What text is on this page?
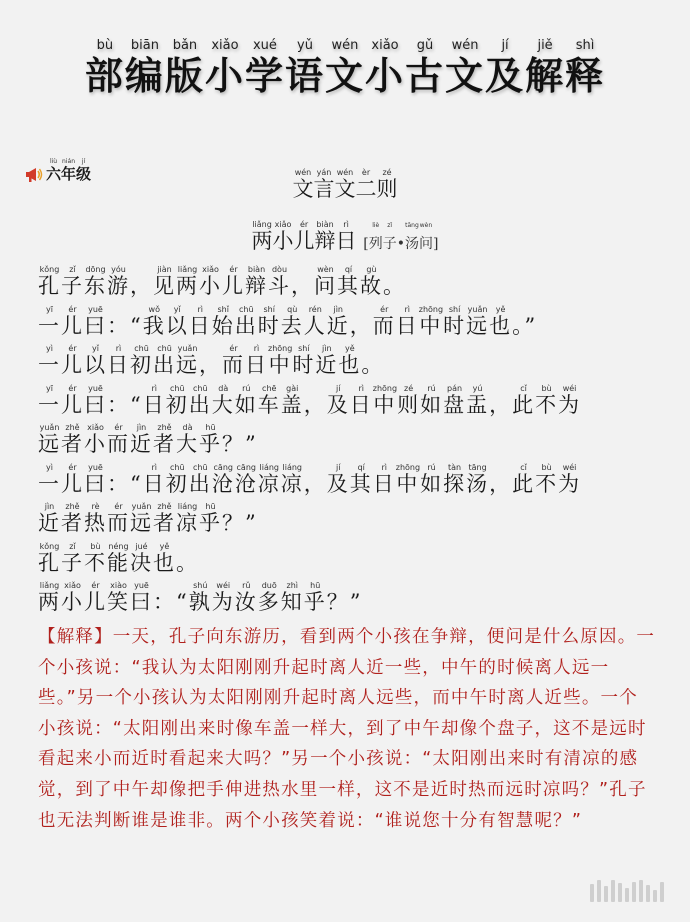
部bù编biān版bǎn小xiǎo学xué语yǔ文wén小xiǎo古gǔ文wén及jí解jiě释shì
六liù年nián级jí
文wén言yán文wén二èr则zé
两liǎng小xiǎo儿ér辩biàn日rì [列liè子zǐ•汤tāng问wèn]
孔kǒng子zǐ东dōng游yóu，见jiàn两liǎng小xiǎo儿ér辩biàn斗dòu，问wèn其qí故gù。
一yī儿ér曰yuē：“我wǒ以yǐ日rì始shǐ出chū时shí去qù人rén近jìn，而ér日rì中zhōng时shí远yuǎn也yě。”
一yì儿ér以yǐ日rì初chū出chū远yuǎn，而ér日rì中zhōng时shí近jìn也yě。
一yī儿ér曰yuē：“日rì初chū出chū大dà如rú车chē盖gài，及jí日rì中zhōng则zé如rú盘pán盂yú，此cǐ不bù为wéi
远yuǎn者zhě小xiǎo而ér近jìn者zhě大dà乎hū？”
一yì儿ér曰yuē：“日rì初chū出chū沧cāng沧cāng凉liáng凉liáng，及jí其qí日rì中zhōng如rú探tàn汤tāng，此cǐ不bù为wéi
近jìn者zhě热rè而ér远yuǎn者zhě凉liáng乎hū？”
孔kǒng子zǐ不bù能néng决jué也yě。
两liǎng小xiǎo儿ér笑xiào曰yuē：“孰shú为wéi汝rǔ多duō知zhì乎hū？”
【解释】一天，孔子向东游历，看到两个小孩在争辩，便问是什么原因。一个小孩说：“我认为太阳刚刚升起时离人近一些，中午的时候离人远一些。”另一个小孩认为太阳刚刚升起时离人远些，而中午时离人近些。一个小孩说：“太阳刚出来时像车盖一样大，到了中午却像个盘子，这不是远时看起来小而近时看起来大吗？”另一个小孩说：“太阳刚出来时有清凉的感觉，到了中午却像把手伸进热水里一样，这不是近时热而远时凉吗？”孔子也无法判断谁是谁非。两个小孩笑着说：“谁说您十分有智慧呢？”
